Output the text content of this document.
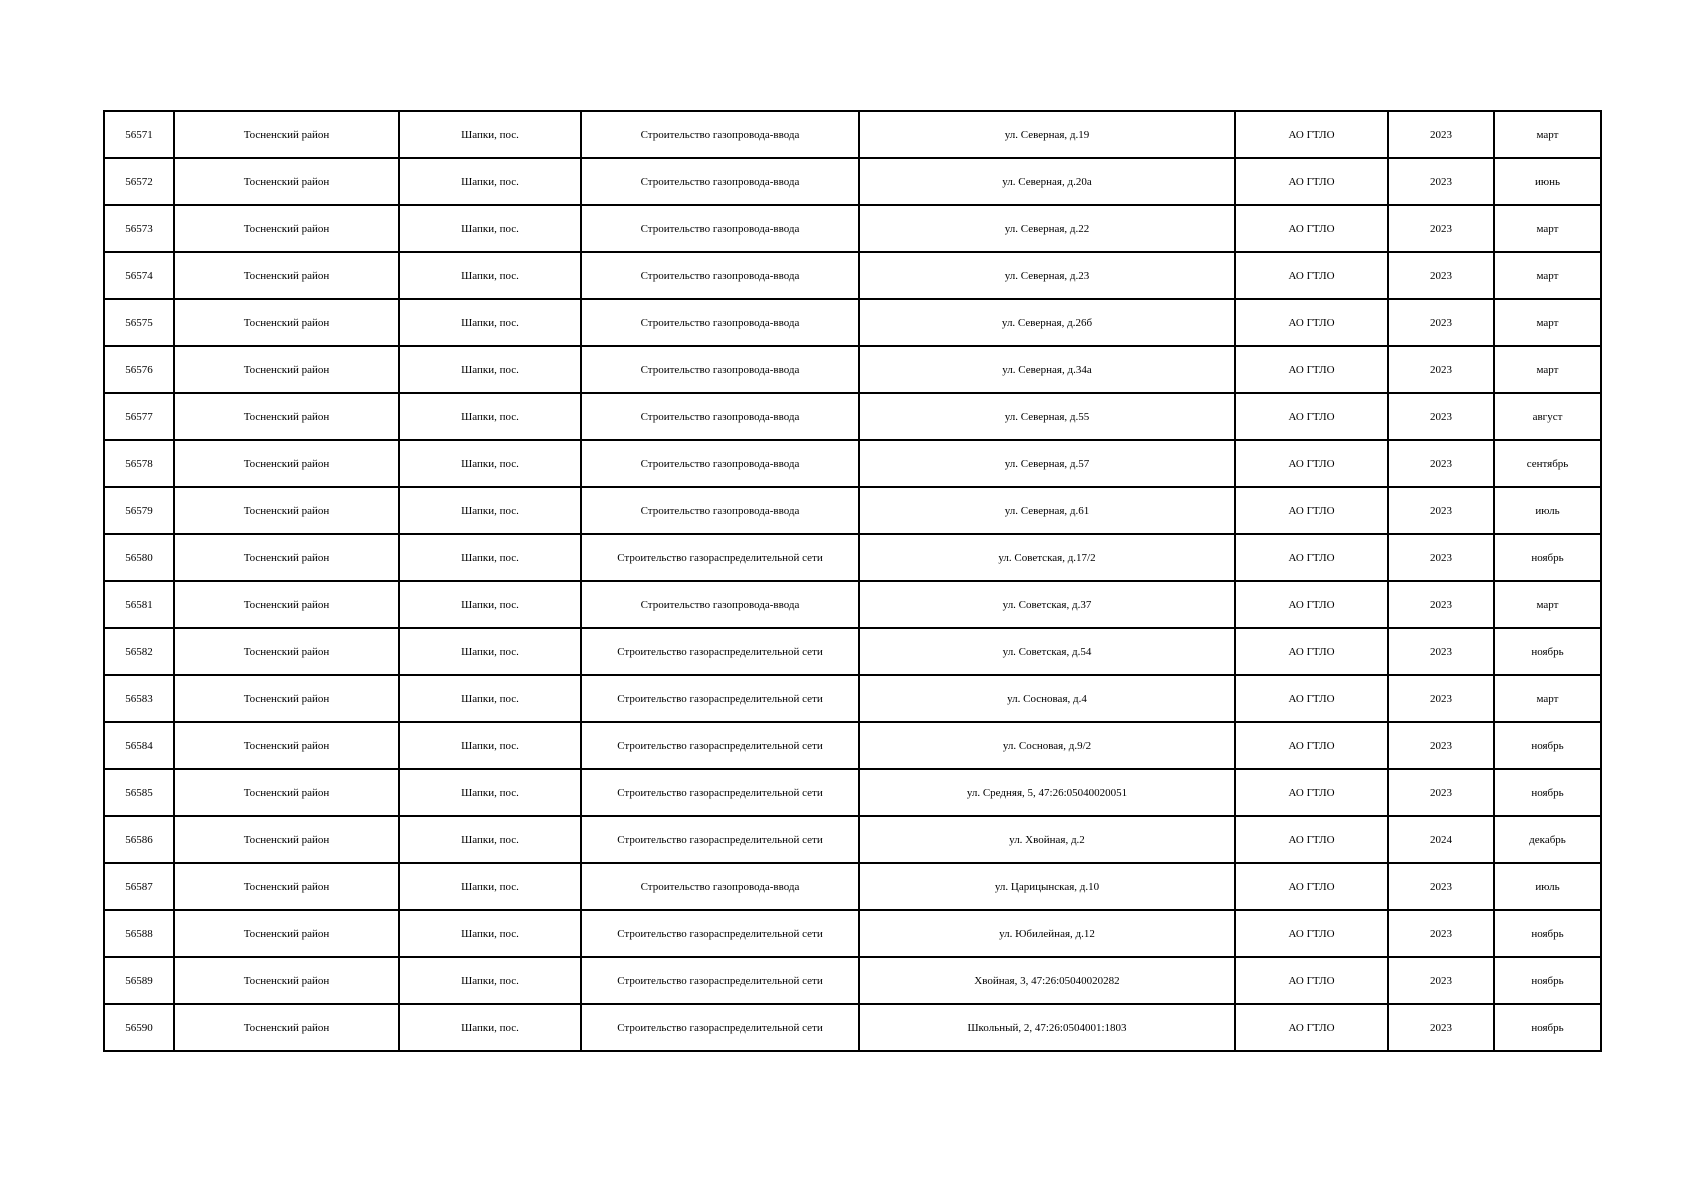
56571	Тосненский район	Шапки, пос.	Строительство газопровода-ввода	ул. Северная, д.19	АО ГТЛО	2023	март
56572	Тосненский район	Шапки, пос.	Строительство газопровода-ввода	ул. Северная, д.20а	АО ГТЛО	2023	июнь
56573	Тосненский район	Шапки, пос.	Строительство газопровода-ввода	ул. Северная, д.22	АО ГТЛО	2023	март
56574	Тосненский район	Шапки, пос.	Строительство газопровода-ввода	ул. Северная, д.23	АО ГТЛО	2023	март
56575	Тосненский район	Шапки, пос.	Строительство газопровода-ввода	ул. Северная, д.26б	АО ГТЛО	2023	март
56576	Тосненский район	Шапки, пос.	Строительство газопровода-ввода	ул. Северная, д.34а	АО ГТЛО	2023	март
56577	Тосненский район	Шапки, пос.	Строительство газопровода-ввода	ул. Северная, д.55	АО ГТЛО	2023	август
56578	Тосненский район	Шапки, пос.	Строительство газопровода-ввода	ул. Северная, д.57	АО ГТЛО	2023	сентябрь
56579	Тосненский район	Шапки, пос.	Строительство газопровода-ввода	ул. Северная, д.61	АО ГТЛО	2023	июль
56580	Тосненский район	Шапки, пос.	Строительство газораспределительной сети	ул. Советская, д.17/2	АО ГТЛО	2023	ноябрь
56581	Тосненский район	Шапки, пос.	Строительство газопровода-ввода	ул. Советская, д.37	АО ГТЛО	2023	март
56582	Тосненский район	Шапки, пос.	Строительство газораспределительной сети	ул. Советская, д.54	АО ГТЛО	2023	ноябрь
56583	Тосненский район	Шапки, пос.	Строительство газораспределительной сети	ул. Сосновая, д.4	АО ГТЛО	2023	март
56584	Тосненский район	Шапки, пос.	Строительство газораспределительной сети	ул. Сосновая, д.9/2	АО ГТЛО	2023	ноябрь
56585	Тосненский район	Шапки, пос.	Строительство газораспределительной сети	ул. Средняя, 5, 47:26:05040020051	АО ГТЛО	2023	ноябрь
56586	Тосненский район	Шапки, пос.	Строительство газораспределительной сети	ул. Хвойная, д.2	АО ГТЛО	2024	декабрь
56587	Тосненский район	Шапки, пос.	Строительство газопровода-ввода	ул. Царицынская, д.10	АО ГТЛО	2023	июль
56588	Тосненский район	Шапки, пос.	Строительство газораспределительной сети	ул. Юбилейная, д.12	АО ГТЛО	2023	ноябрь
56589	Тосненский район	Шапки, пос.	Строительство газораспределительной сети	Хвойная, 3, 47:26:05040020282	АО ГТЛО	2023	ноябрь
56590	Тосненский район	Шапки, пос.	Строительство газораспределительной сети	Школьный, 2, 47:26:0504001:1803	АО ГТЛО	2023	ноябрь
